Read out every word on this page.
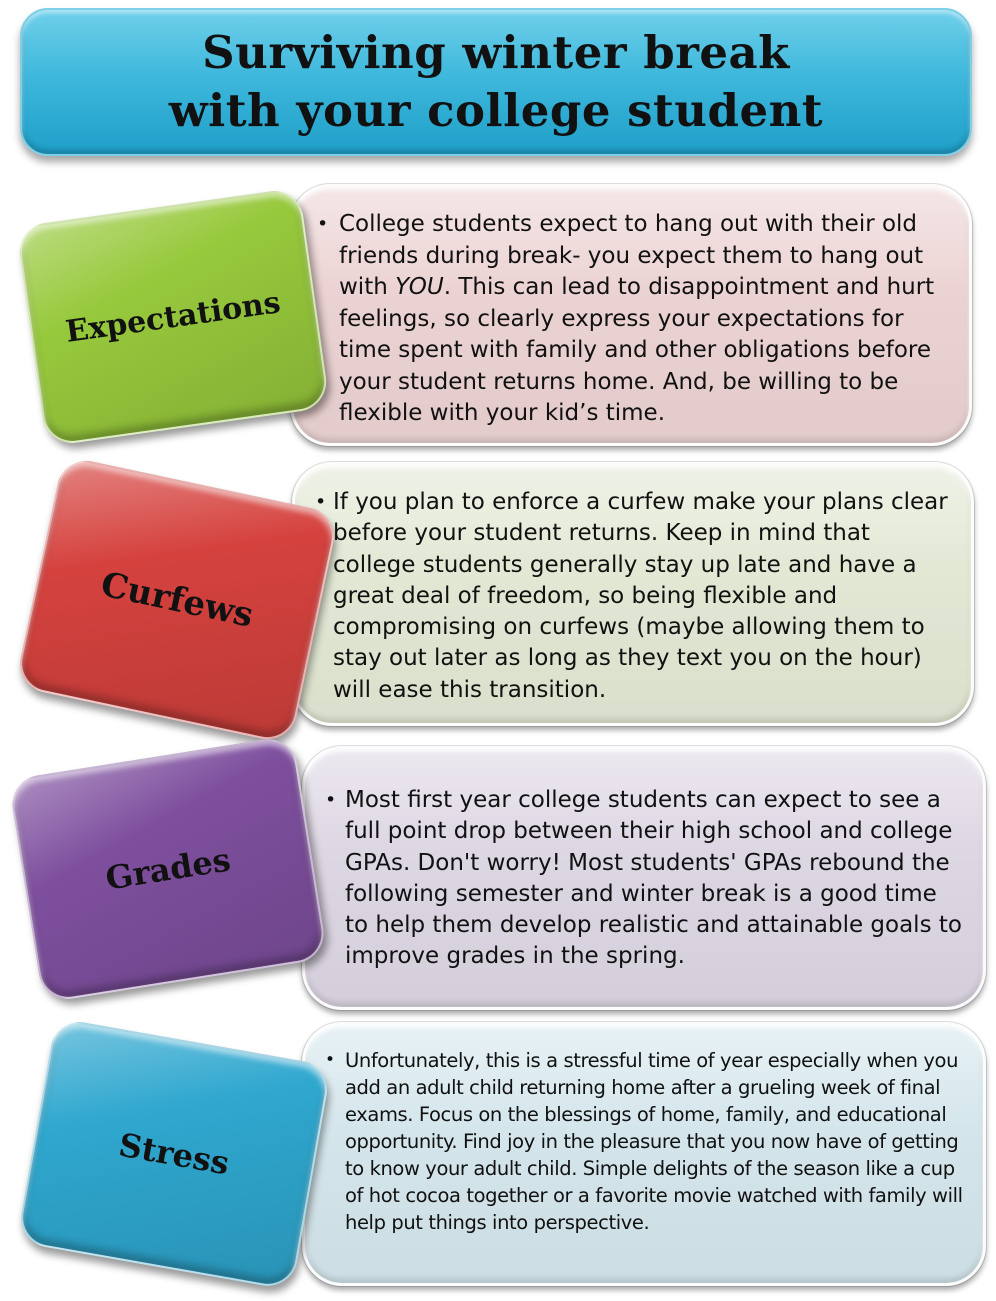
Surviving winter break
with your college student
• College students expect to hang out with their old friends during break- you expect them to hang out with YOU. This can lead to disappointment and hurt feelings, so clearly express your expectations for time spent with family and other obligations before your student returns home. And, be willing to be flexible with your kid’s time.
Expectations
• If you plan to enforce a curfew make your plans clear before your student returns. Keep in mind that college students generally stay up late and have a great deal of freedom, so being flexible and compromising on curfews (maybe allowing them to stay out later as long as they text you on the hour) will ease this transition.
Curfews
• Most first year college students can expect to see a full point drop between their high school and college GPAs. Don't worry! Most students' GPAs rebound the following semester and winter break is a good time to help them develop realistic and attainable goals to improve grades in the spring.
Grades
• Unfortunately, this is a stressful time of year especially when you add an adult child returning home after a grueling week of final exams. Focus on the blessings of home, family, and educational opportunity. Find joy in the pleasure that you now have of getting to know your adult child. Simple delights of the season like a cup of hot cocoa together or a favorite movie watched with family will help put things into perspective.
Stress
